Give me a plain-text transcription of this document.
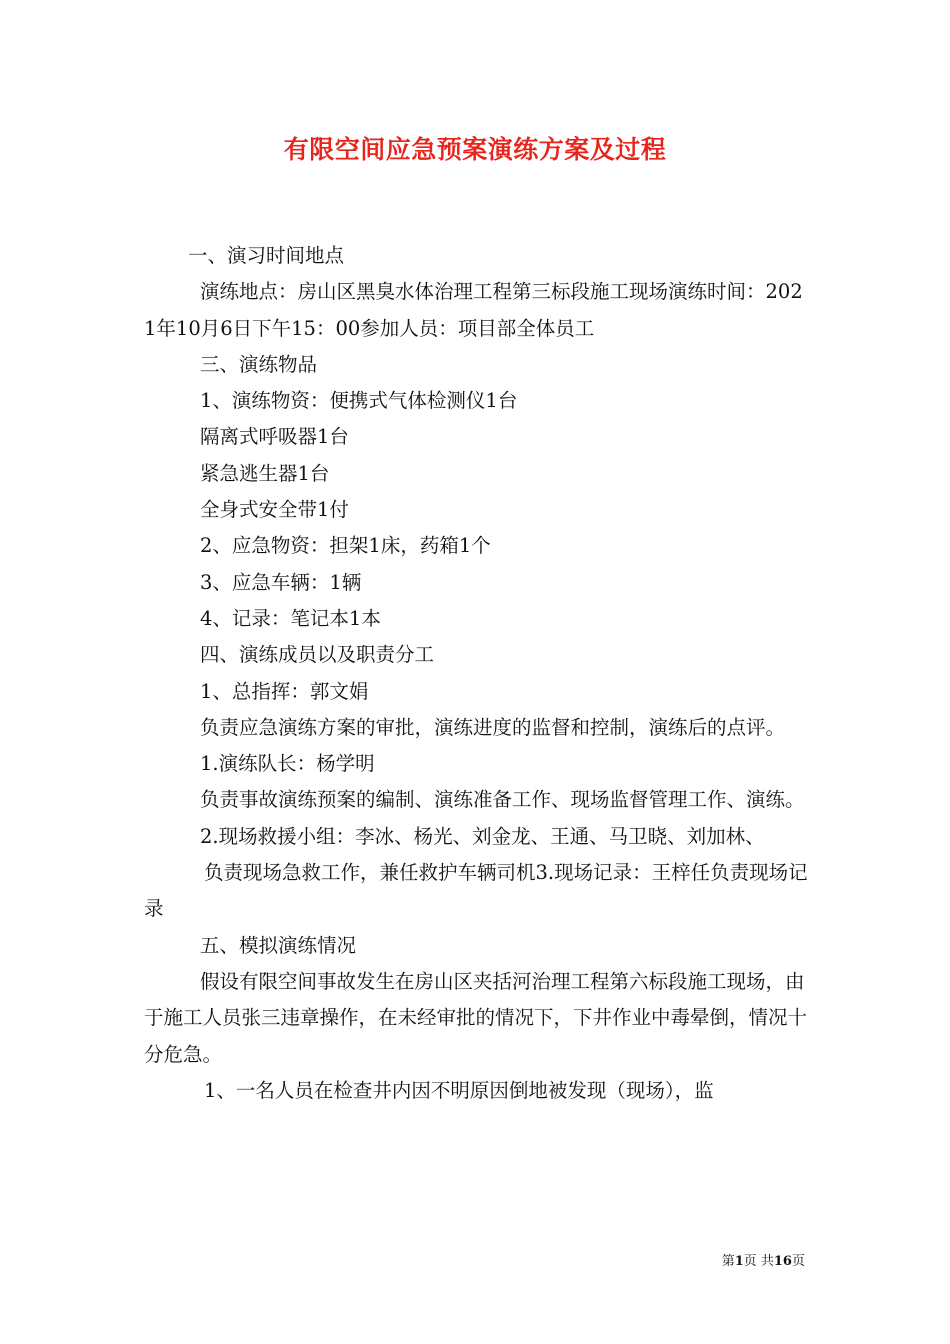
有限空间应急预案演练方案及过程

一、演习时间地点

演练地点：房山区黑臭水体治理工程第三标段施工现场演练时间：2021年10月6日下午15：00参加人员：项目部全体员工

三、演练物品

1、演练物资：便携式气体检测仪1台

隔离式呼吸器1台

紧急逃生器1台

全身式安全带1付

2、应急物资：担架1床，药箱1个

3、应急车辆：1辆

4、记录：笔记本1本

四、演练成员以及职责分工

1、总指挥：郭文娟

负责应急演练方案的审批，演练进度的监督和控制，演练后的点评。

1.演练队长：杨学明

负责事故演练预案的编制、演练准备工作、现场监督管理工作、演练。

2.现场救援小组：李冰、杨光、刘金龙、王通、马卫晓、刘加林、

负责现场急救工作，兼任救护车辆司机3.现场记录：王梓任负责现场记录

五、模拟演练情况

假设有限空间事故发生在房山区夹括河治理工程第六标段施工现场，由于施工人员张三违章操作，在未经审批的情况下，下井作业中毒晕倒，情况十分危急。

1、一名人员在检查井内因不明原因倒地被发现（现场），监

第1页 共16页
